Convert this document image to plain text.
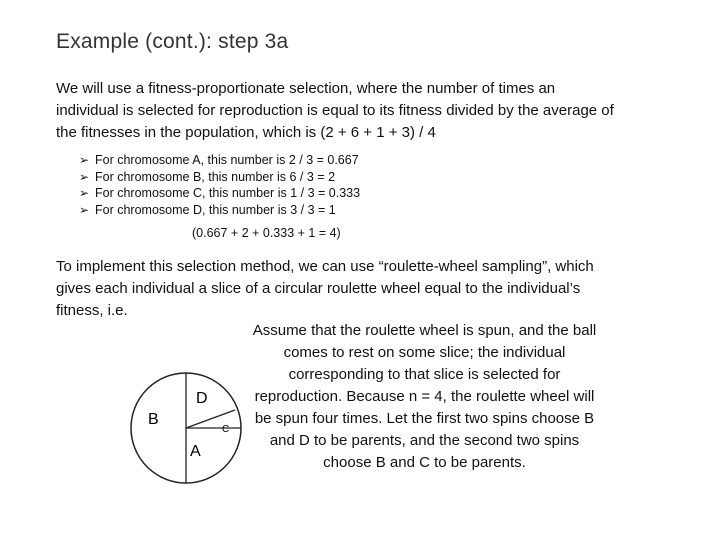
Example (cont.): step 3a
We will use a fitness-proportionate selection, where the number of times an individual is selected for reproduction is equal to its fitness divided by the average of the fitnesses in the population, which is (2 + 6 + 1 + 3) / 4
➢ For chromosome A, this number is 2 / 3 = 0.667
➢ For chromosome B, this number is 6 / 3 = 2
➢ For chromosome C, this number is 1 / 3 = 0.333
➢ For chromosome D, this number is 3 / 3 = 1
(0.667 + 2 + 0.333 + 1 = 4)
To implement this selection method, we can use “roulette-wheel sampling”, which gives each individual a slice of a circular roulette wheel equal to the individual’s fitness, i.e.
Assume that the roulette wheel is spun, and the ball comes to rest on some slice; the individual corresponding to that slice is selected for reproduction. Because n = 4, the roulette wheel will be spun four times. Let the first two spins choose B and D to be parents, and the second two spins choose B and C to be parents.
D
B
C
A
